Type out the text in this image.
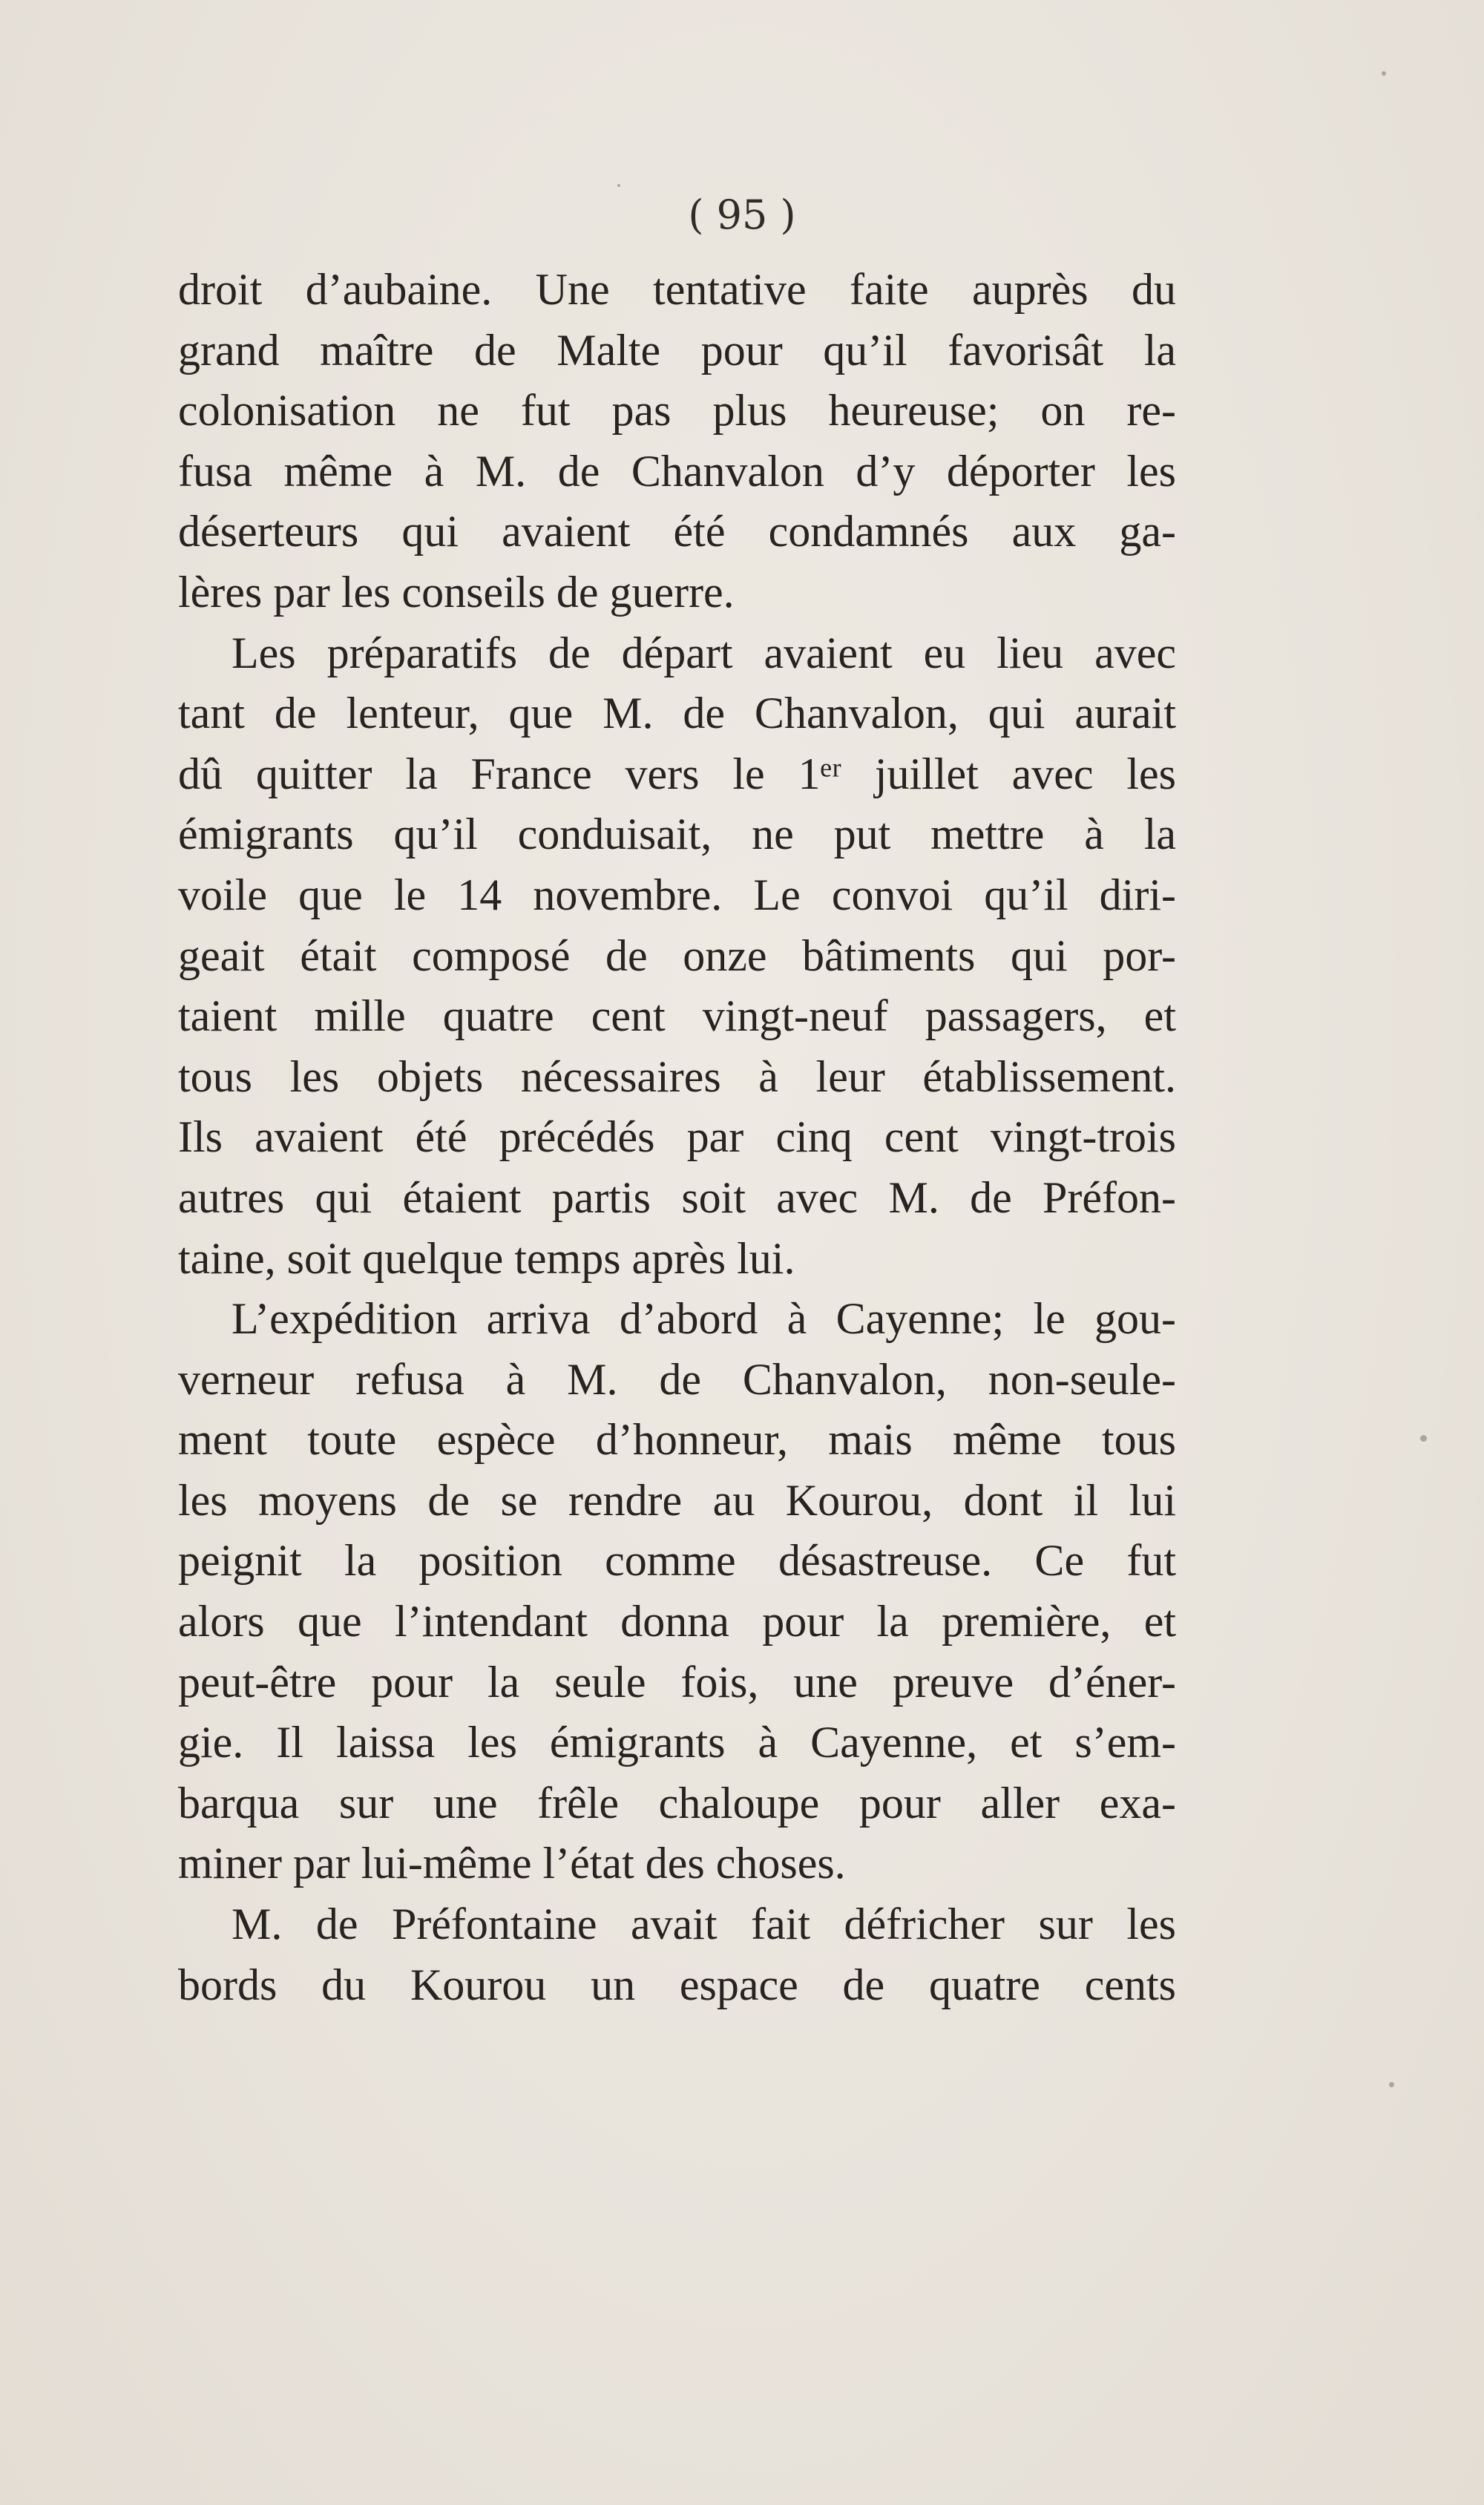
( 95 )
droit d’aubaine. Une tentative faite auprès du
grand maître de Malte pour qu’il favorisât la
colonisation ne fut pas plus heureuse; on re-
fusa même à M. de Chanvalon d’y déporter les
déserteurs qui avaient été condamnés aux ga-
lères par les conseils de guerre.
Les préparatifs de départ avaient eu lieu avec
tant de lenteur, que M. de Chanvalon, qui aurait
dû quitter la France vers le 1ᵉʳ juillet avec les
émigrants qu’il conduisait, ne put mettre à la
voile que le 14 novembre. Le convoi qu’il diri-
geait était composé de onze bâtiments qui por-
taient mille quatre cent vingt-neuf passagers, et
tous les objets nécessaires à leur établissement.
Ils avaient été précédés par cinq cent vingt-trois
autres qui étaient partis soit avec M. de Préfon-
taine, soit quelque temps après lui.
L’expédition arriva d’abord à Cayenne; le gou-
verneur refusa à M. de Chanvalon, non-seule-
ment toute espèce d’honneur, mais même tous
les moyens de se rendre au Kourou, dont il lui
peignit la position comme désastreuse. Ce fut
alors que l’intendant donna pour la première, et
peut-être pour la seule fois, une preuve d’éner-
gie. Il laissa les émigrants à Cayenne, et s’em-
barqua sur une frêle chaloupe pour aller exa-
miner par lui-même l’état des choses.
M. de Préfontaine avait fait défricher sur les
bords du Kourou un espace de quatre cents
